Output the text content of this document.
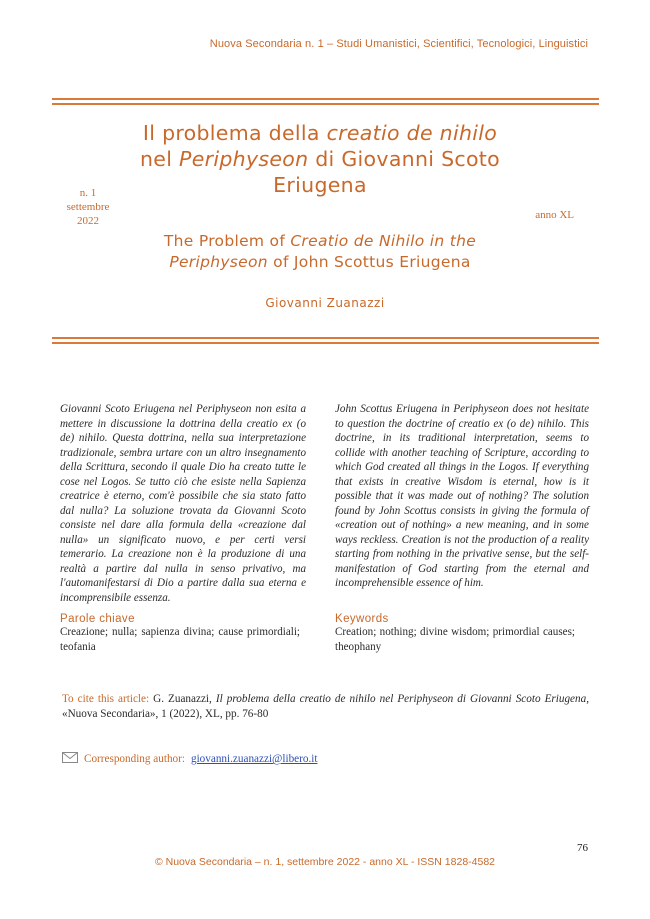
Nuova Secondaria n. 1 – Studi Umanistici, Scientifici, Tecnologici, Linguistici
Il problema della creatio de nihilo nel Periphyseon di Giovanni Scoto Eriugena
n. 1
settembre
2022	anno XL
The Problem of Creatio de Nihilo in the Periphyseon of John Scottus Eriugena
Giovanni Zuanazzi
Giovanni Scoto Eriugena nel Periphyseon non esita a mettere in discussione la dottrina della creatio ex (o de) nihilo. Questa dottrina, nella sua interpretazione tradizionale, sembra urtare con un altro insegnamento della Scrittura, secondo il quale Dio ha creato tutte le cose nel Logos. Se tutto ciò che esiste nella Sapienza creatrice è eterno, com'è possibile che sia stato fatto dal nulla? La soluzione trovata da Giovanni Scoto consiste nel dare alla formula della «creazione dal nulla» un significato nuovo, e per certi versi temerario. La creazione non è la produzione di una realtà a partire dal nulla in senso privativo, ma l'automanifestarsi di Dio a partire dalla sua eterna e incomprensibile essenza.
John Scottus Eriugena in Periphyseon does not hesitate to question the doctrine of creatio ex (o de) nihilo. This doctrine, in its traditional interpretation, seems to collide with another teaching of Scripture, according to which God created all things in the Logos. If everything that exists in creative Wisdom is eternal, how is it possible that it was made out of nothing? The solution found by John Scottus consists in giving the formula of «creation out of nothing» a new meaning, and in some ways reckless. Creation is not the production of a reality starting from nothing in the privative sense, but the self-manifestation of God starting from the eternal and incomprehensible essence of him.
Parole chiave
Creazione; nulla; sapienza divina; cause primordiali; teofania
Keywords
Creation; nothing; divine wisdom; primordial causes; theophany
To cite this article: G. Zuanazzi, Il problema della creatio de nihilo nel Periphyseon di Giovanni Scoto Eriugena, «Nuova Secondaria», 1 (2022), XL, pp. 76-80
Corresponding author: giovanni.zuanazzi@libero.it
76
© Nuova Secondaria – n. 1, settembre 2022 - anno XL - ISSN 1828-4582
